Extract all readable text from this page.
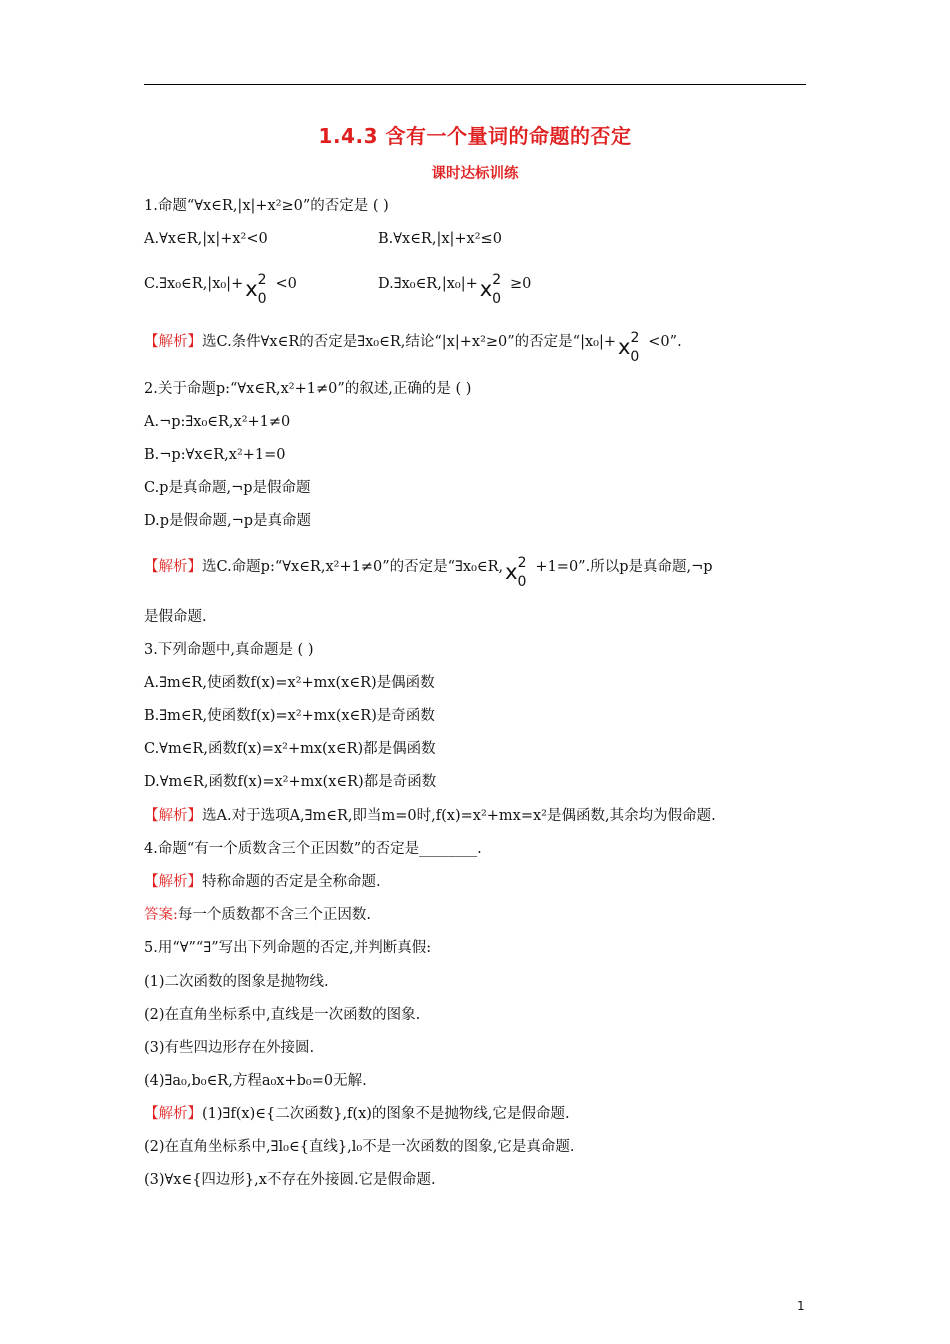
1.4.3 含有一个量词的命题的否定
课时达标训练
1.命题“∀x∈R,|x|+x²≥0”的否定是 ( )
A.∀x∈R,|x|+x²<0	B.∀x∈R,|x|+x²≤0
$C.\exists x_0\in R,|x_0|+x^2_0<0$	$D.\exists x_0\in R,|x_0|+x^2_0\ge 0$
【解析】选C.条件∀x∈R的否定是∃x₀∈R,结论“|x|+x²≥0”的否定是“$|x_0|+x^2_0<0$”.
2.关于命题p:“∀x∈R,x²+1≠0”的叙述,正确的是 ( )
A.¬p:∃x₀∈R,x²+1≠0
B.¬p:∀x∈R,x²+1=0
C.p是真命题,¬p是假命题
D.p是假命题,¬p是真命题
【解析】选C.命题p:“∀x∈R,x²+1≠0”的否定是“$\exists x_0\in R,x^2_0+1=0$”.所以p是真命题,¬p
是假命题.
3.下列命题中,真命题是 ( )
A.∃m∈R,使函数f(x)=x²+mx(x∈R)是偶函数
B.∃m∈R,使函数f(x)=x²+mx(x∈R)是奇函数
C.∀m∈R,函数f(x)=x²+mx(x∈R)都是偶函数
D.∀m∈R,函数f(x)=x²+mx(x∈R)都是奇函数
【解析】选A.对于选项A,∃m∈R,即当m=0时,f(x)=x²+mx=x²是偶函数,其余均为假命题.
4.命题“有一个质数含三个正因数”的否定是________.
【解析】特称命题的否定是全称命题.
答案:每一个质数都不含三个正因数.
5.用“∀”“∃”写出下列命题的否定,并判断真假:
(1)二次函数的图象是抛物线.
(2)在直角坐标系中,直线是一次函数的图象.
(3)有些四边形存在外接圆.
(4)∃a₀,b₀∈R,方程a₀x+b₀=0无解.
【解析】(1)∃f(x)∈{二次函数},f(x)的图象不是抛物线,它是假命题.
(2)在直角坐标系中,∃l₀∈{直线},l₀不是一次函数的图象,它是真命题.
(3)∀x∈{四边形},x不存在外接圆.它是假命题.
1
